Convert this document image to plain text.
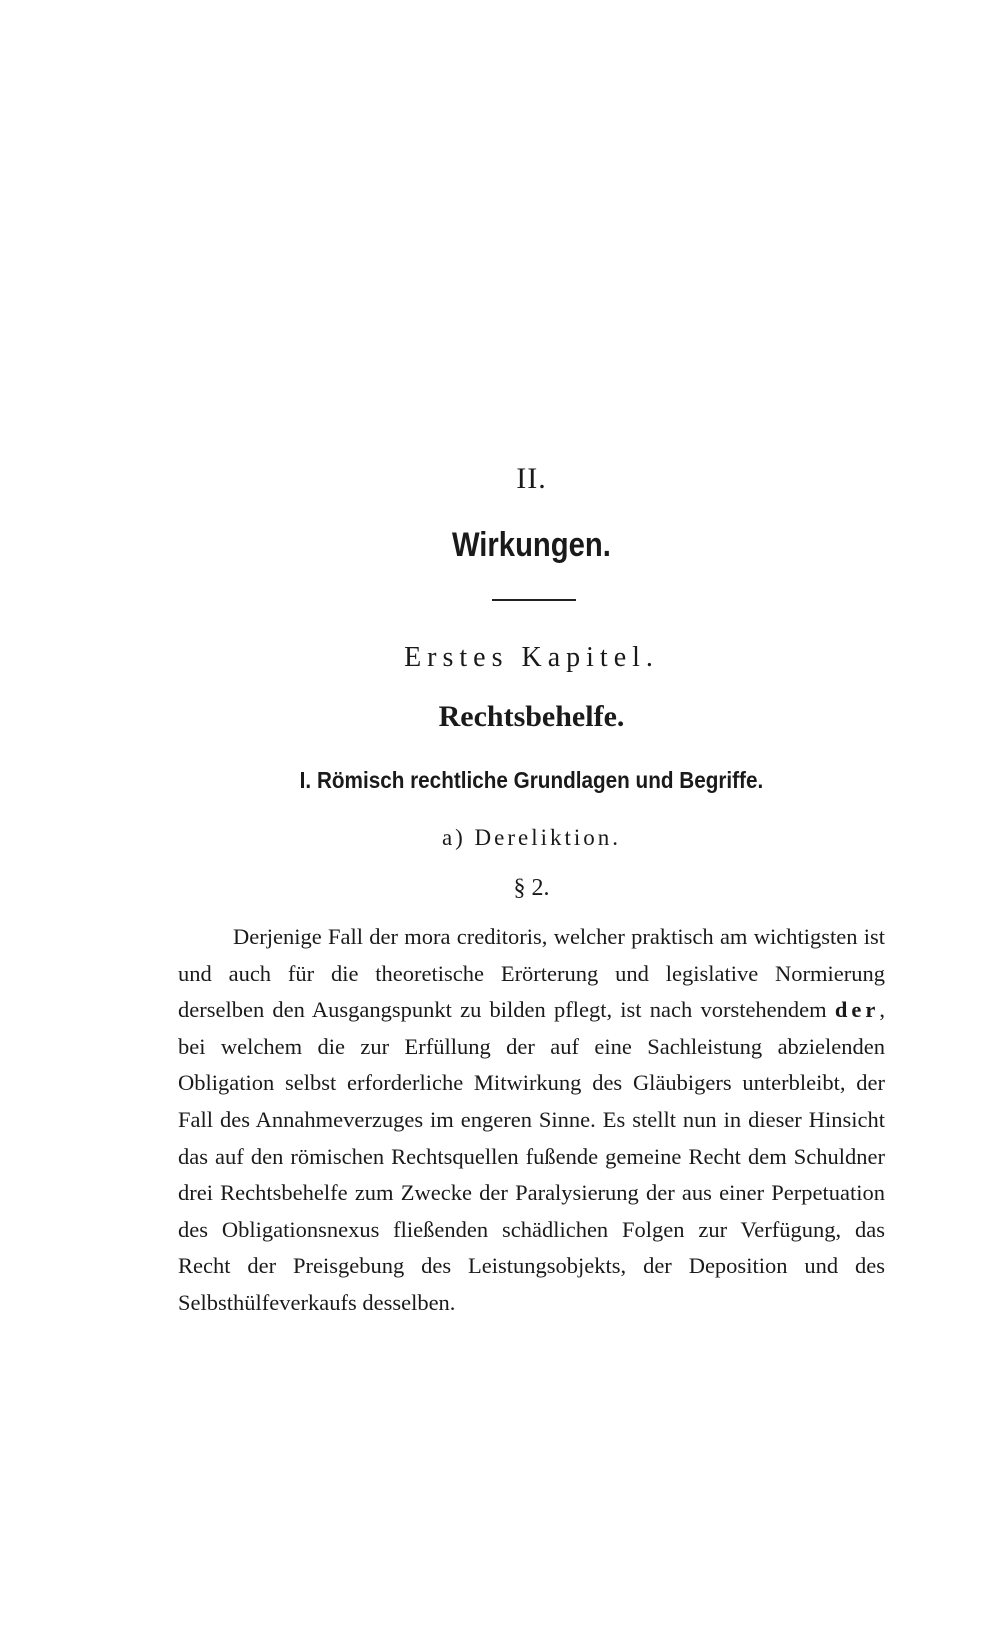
II.
Wirkungen.
Erstes Kapitel.
Rechtsbehelfe.
I. Römisch rechtliche Grundlagen und Begriffe.
a) Dereliktion.
§ 2.

Derjenige Fall der mora creditoris, welcher praktisch am wichtigsten ist und auch für die theoretische Erörterung und legislative Normierung derselben den Ausgangspunkt zu bilden pflegt, ist nach vorstehendem der, bei welchem die zur Erfüllung der auf eine Sachleistung abzielenden Obligation selbst erforderliche Mitwirkung des Gläubigers unterbleibt, der Fall des Annahmeverzuges im engeren Sinne. Es stellt nun in dieser Hinsicht das auf den römischen Rechtsquellen fußende gemeine Recht dem Schuldner drei Rechtsbehelfe zum Zwecke der Paralysierung der aus einer Perpetuation des Obligationsnexus fließenden schädlichen Folgen zur Verfügung, das Recht der Preisgebung des Leistungsobjekts, der Deposition und des Selbsthülfeverkaufs desselben.
